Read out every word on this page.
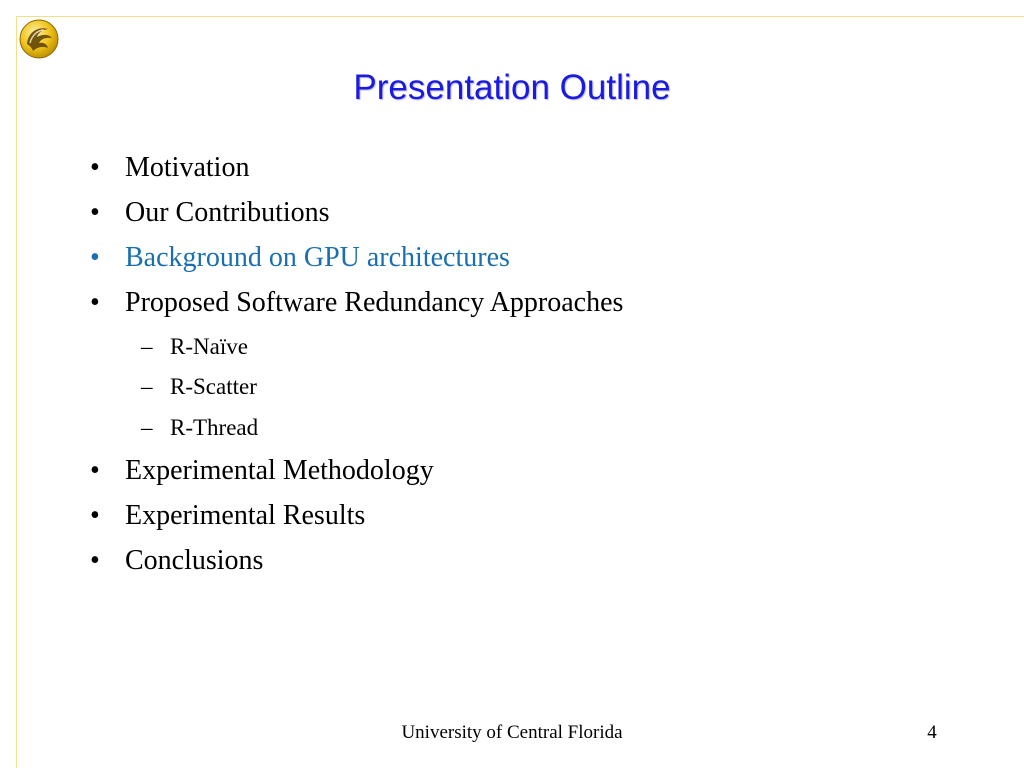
Presentation Outline
• Motivation
• Our Contributions
• Background on GPU architectures
• Proposed Software Redundancy Approaches
– R-Naïve
– R-Scatter
– R-Thread
• Experimental Methodology
• Experimental Results
• Conclusions
University of Central Florida	4
